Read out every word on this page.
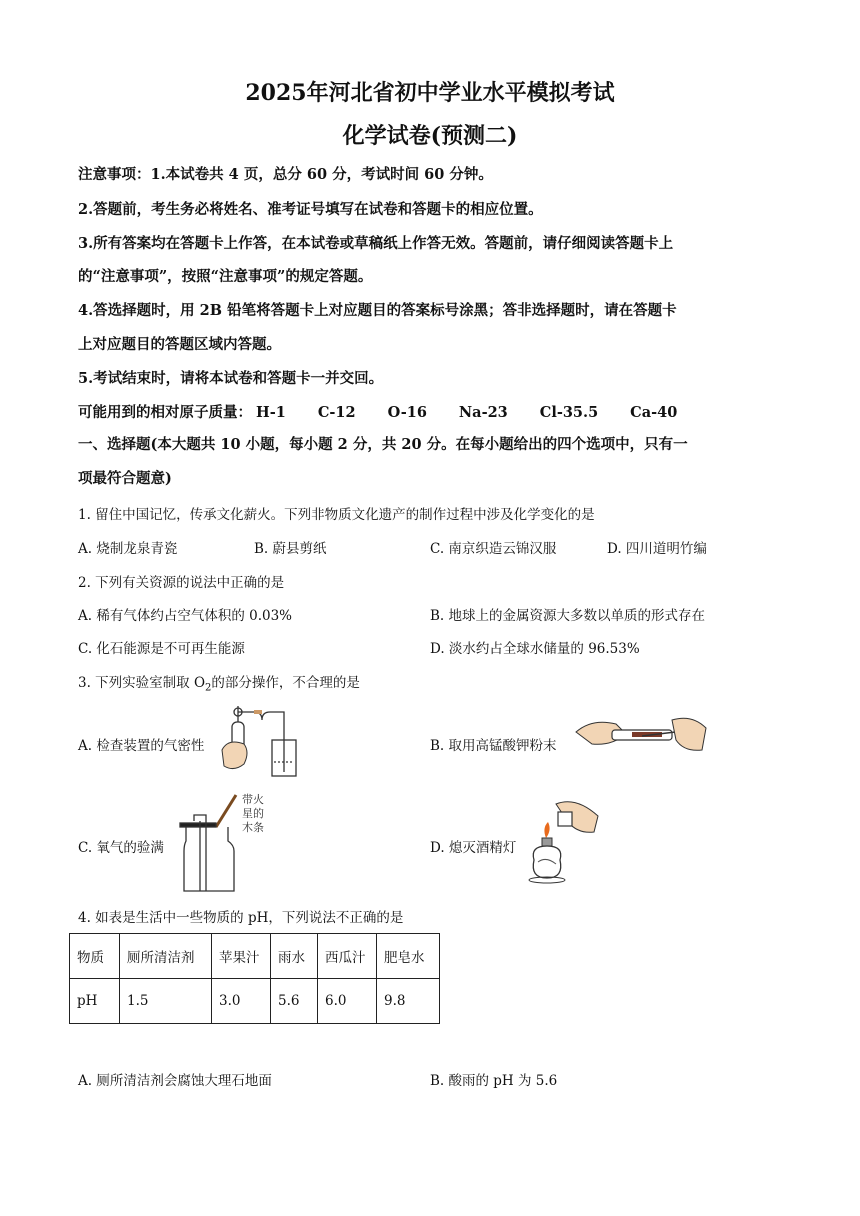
2025年河北省初中学业水平模拟考试
化学试卷(预测二)
注意事项：1.本试卷共 4 页，总分 60 分，考试时间 60 分钟。
2.答题前，考生务必将姓名、准考证号填写在试卷和答题卡的相应位置。
3.所有答案均在答题卡上作答，在本试卷或草稿纸上作答无效。答题前，请仔细阅读答题卡上
的“注意事项”，按照“注意事项”的规定答题。
4.答选择题时，用 2B 铅笔将答题卡上对应题目的答案标号涂黑；答非选择题时，请在答题卡
上对应题目的答题区域内答题。
5.考试结束时，请将本试卷和答题卡一并交回。
可能用到的相对原子质量： H-1 C-12 O-16 Na-23 Cl-35.5 Ca-40
一、选择题(本大题共 10 小题，每小题 2 分，共 20 分。在每小题给出的四个选项中，只有一
项最符合题意)
1. 留住中国记忆，传承文化薪火。下列非物质文化遗产的制作过程中涉及化学变化的是
A. 烧制龙泉青瓷	B. 蔚县剪纸	C. 南京织造云锦汉服	D. 四川道明竹编
2. 下列有关资源的说法中正确的是
A. 稀有气体约占空气体积的 0.03%	B. 地球上的金属资源大多数以单质的形式存在
C. 化石能源是不可再生能源	D. 淡水约占全球水储量的 96.53%
3. 下列实验室制取 $O_2$的部分操作，不合理的是
A. 检查装置的气密性	B. 取用高锰酸钾粉末
带火
星的
木条
C. 氧气的验满	D. 熄灭酒精灯
4. 如表是生活中一些物质的 pH，下列说法不正确的是
物质	厕所清洁剂	苹果汁	雨水	西瓜汁	肥皂水
pH	1.5	3.0	5.6	6.0	9.8
A. 厕所清洁剂会腐蚀大理石地面	B. 酸雨的 pH 为 5.6
